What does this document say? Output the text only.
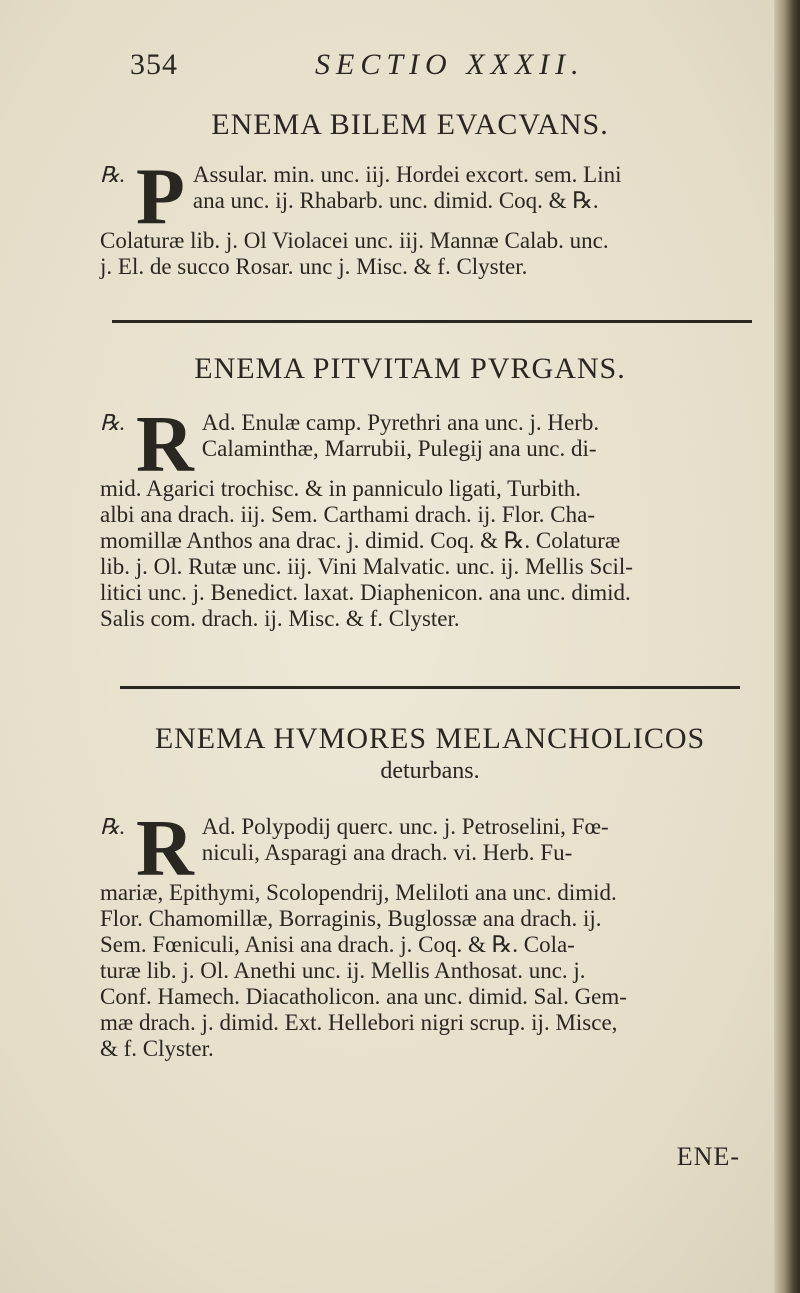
354	SECTIO XXXII.
ENEMA BILEM EVACVANS.
℞. P Assular. min. unc. iij. Hordei excort. sem. Lini
ana unc. ij. Rhabarb. unc. dimid. Coq. & ℞.
Colaturæ lib. j. Ol Violacei unc. iij. Mannæ Calab. unc.
j. El. de succo Rosar. unc j. Misc. & f. Clyster.
ENEMA PITVITAM PVRGANS.
℞. R Ad. Enulæ camp. Pyrethri ana unc. j. Herb.
Calaminthæ, Marrubii, Pulegij ana unc. di-
mid. Agarici trochisc. & in panniculo ligati, Turbith.
albi ana drach. iij. Sem. Carthami drach. ij. Flor. Cha-
momillæ Anthos ana drac. j. dimid. Coq. & ℞. Colaturæ
lib. j. Ol. Rutæ unc. iij. Vini Malvatic. unc. ij. Mellis Scil-
litici unc. j. Benedict. laxat. Diaphenicon. ana unc. dimid.
Salis com. drach. ij. Misc. & f. Clyster.
ENEMA HVMORES MELANCHOLICOS
deturbans.
℞. R Ad. Polypodij querc. unc. j. Petroselini, Fœ-
niculi, Asparagi ana drach. vi. Herb. Fu-
mariæ, Epithymi, Scolopendrij, Meliloti ana unc. dimid.
Flor. Chamomillæ, Borraginis, Buglossæ ana drach. ij.
Sem. Fœniculi, Anisi ana drach. j. Coq. & ℞. Cola-
turæ lib. j. Ol. Anethi unc. ij. Mellis Anthosat. unc. j.
Conf. Hamech. Diacatholicon. ana unc. dimid. Sal. Gem-
mæ drach. j. dimid. Ext. Hellebori nigri scrup. ij. Misce,
& f. Clyster.
ENE-
